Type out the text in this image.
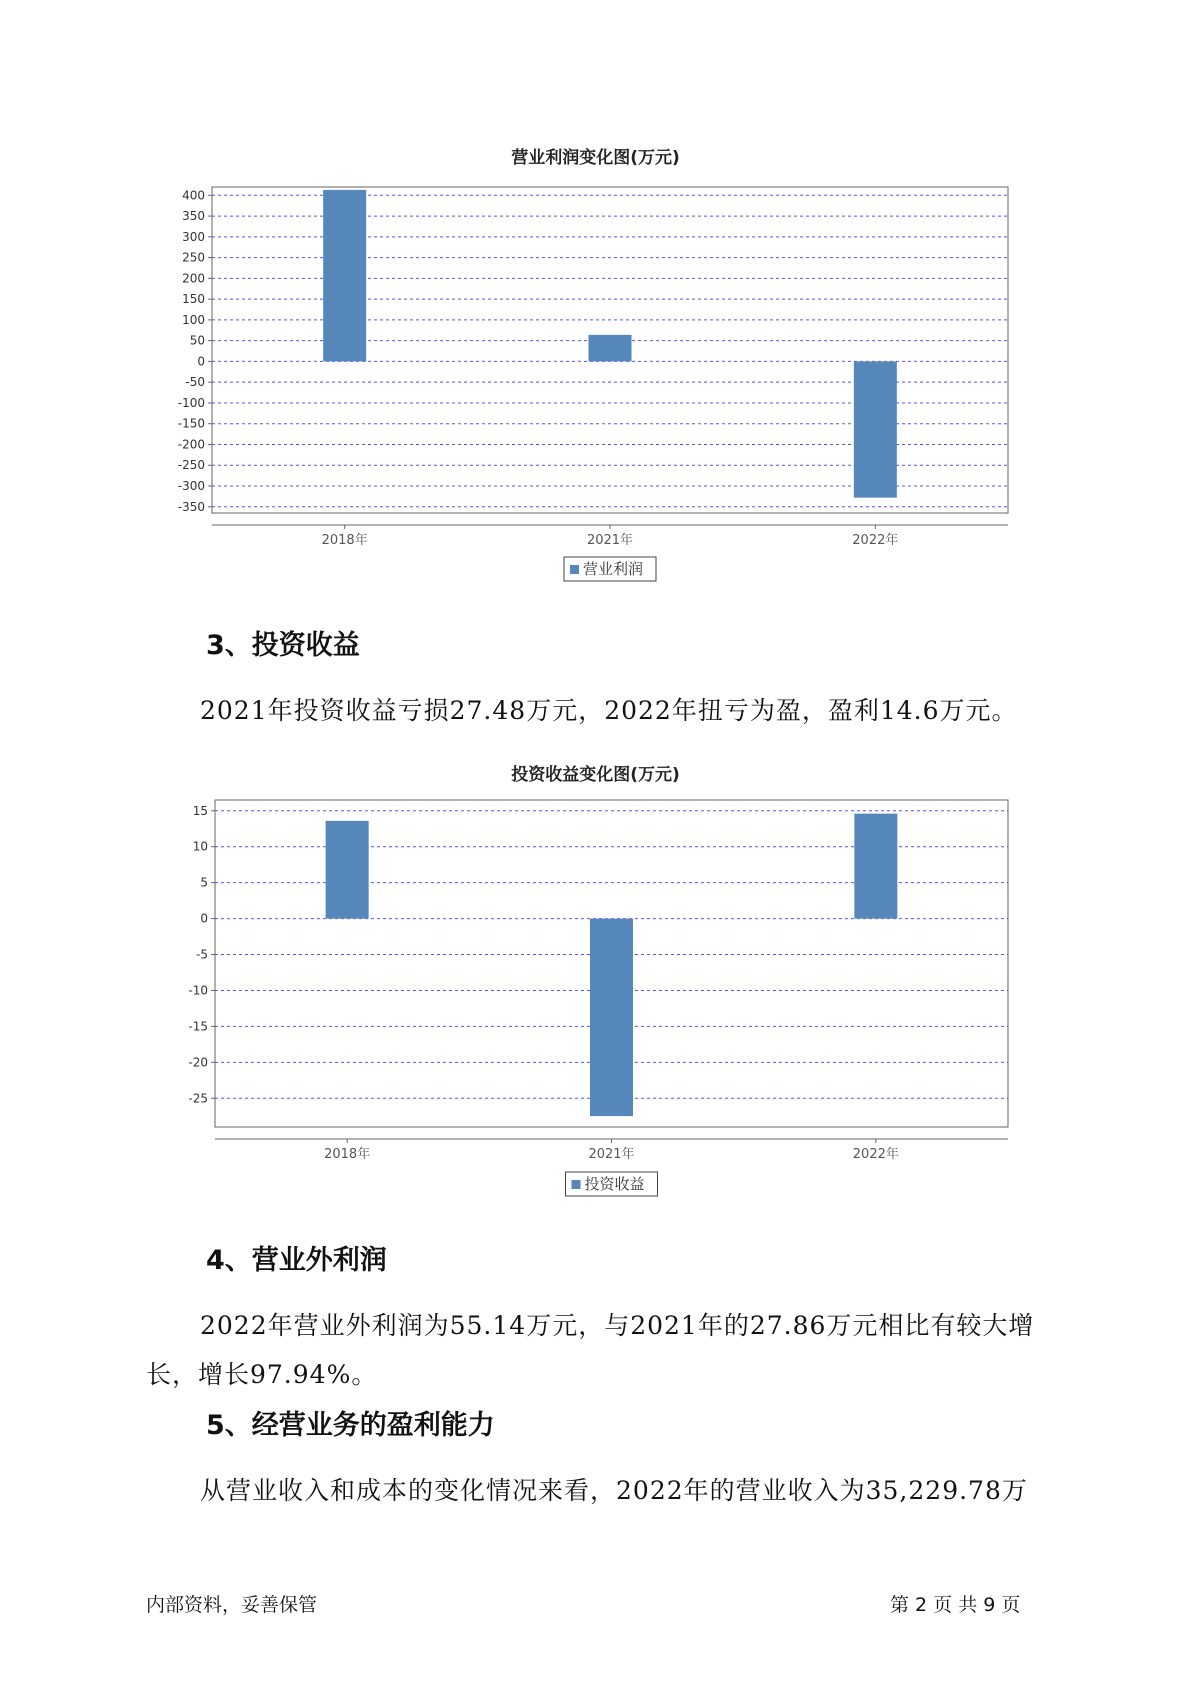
营业利润变化图(万元)
400
350
300
250
200
150
100
50
0
-50
-100
-150
-200
-250
-300
-350
2018年	2021年	2022年
营业利润
3、投资收益
2021年投资收益亏损27.48万元，2022年扭亏为盈，盈利14.6万元。
投资收益变化图(万元)
15
10
5
0
-5
-10
-15
-20
-25
2018年	2021年	2022年
投资收益
4、营业外利润
2022年营业外利润为55.14万元，与2021年的27.86万元相比有较大增
长，增长97.94%。
5、经营业务的盈利能力
从营业收入和成本的变化情况来看，2022年的营业收入为35,229.78万
内部资料，妥善保管	第 2 页 共 9 页
